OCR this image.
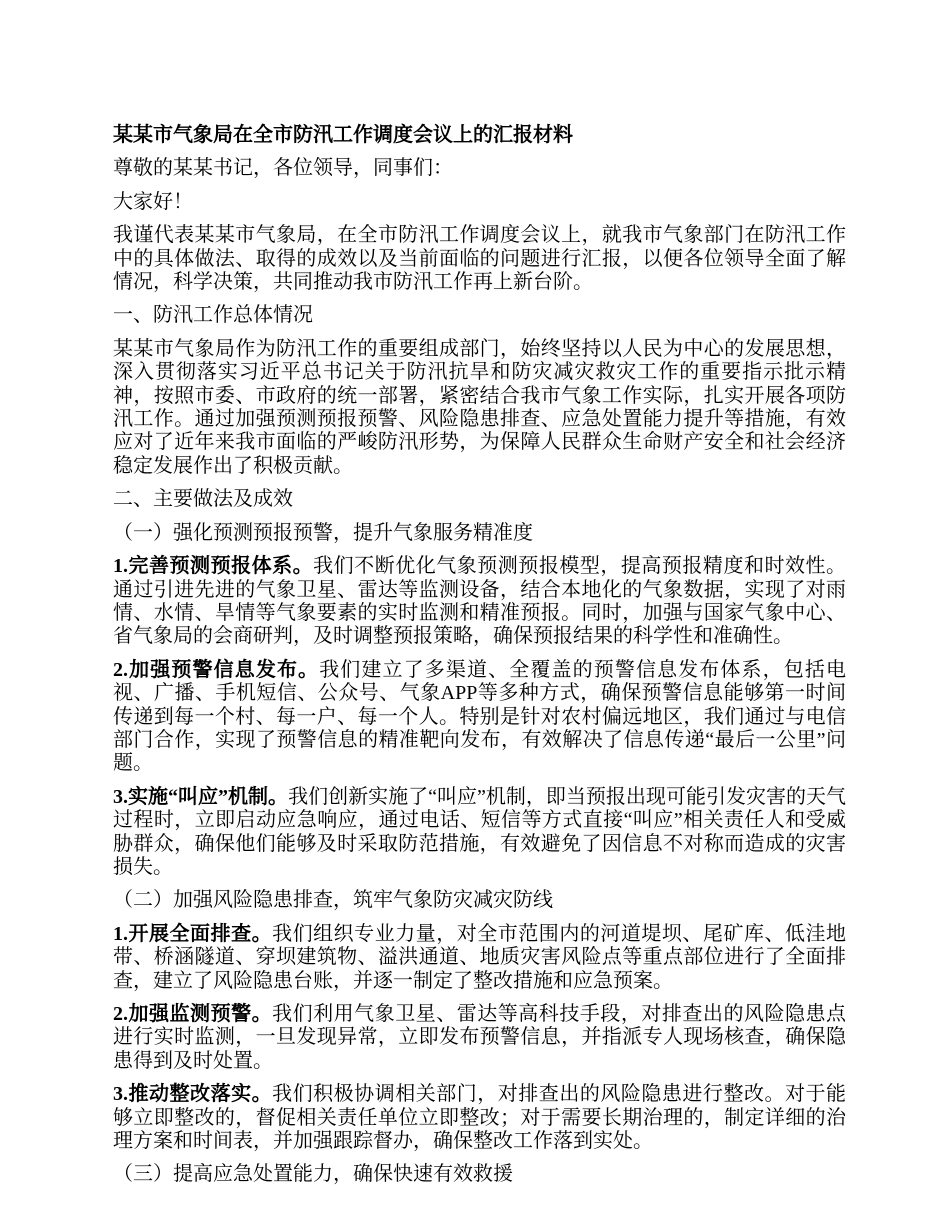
某某市气象局在全市防汛工作调度会议上的汇报材料

尊敬的某某书记，各位领导，同事们：

大家好！

我谨代表某某市气象局，在全市防汛工作调度会议上，就我市气象部门在防汛工作中的具体做法、取得的成效以及当前面临的问题进行汇报，以便各位领导全面了解情况，科学决策，共同推动我市防汛工作再上新台阶。

一、防汛工作总体情况

某某市气象局作为防汛工作的重要组成部门，始终坚持以人民为中心的发展思想，深入贯彻落实习近平总书记关于防汛抗旱和防灾减灾救灾工作的重要指示批示精神，按照市委、市政府的统一部署，紧密结合我市气象工作实际，扎实开展各项防汛工作。通过加强预测预报预警、风险隐患排查、应急处置能力提升等措施，有效应对了近年来我市面临的严峻防汛形势，为保障人民群众生命财产安全和社会经济稳定发展作出了积极贡献。

二、主要做法及成效

（一）强化预测预报预警，提升气象服务精准度

1.完善预测预报体系。我们不断优化气象预测预报模型，提高预报精度和时效性。通过引进先进的气象卫星、雷达等监测设备，结合本地化的气象数据，实现了对雨情、水情、旱情等气象要素的实时监测和精准预报。同时，加强与国家气象中心、省气象局的会商研判，及时调整预报策略，确保预报结果的科学性和准确性。

2.加强预警信息发布。我们建立了多渠道、全覆盖的预警信息发布体系，包括电视、广播、手机短信、公众号、气象APP等多种方式，确保预警信息能够第一时间传递到每一个村、每一户、每一个人。特别是针对农村偏远地区，我们通过与电信部门合作，实现了预警信息的精准靶向发布，有效解决了信息传递“最后一公里”问题。

3.实施“叫应”机制。我们创新实施了“叫应”机制，即当预报出现可能引发灾害的天气过程时，立即启动应急响应，通过电话、短信等方式直接“叫应”相关责任人和受威胁群众，确保他们能够及时采取防范措施，有效避免了因信息不对称而造成的灾害损失。

（二）加强风险隐患排查，筑牢气象防灾减灾防线

1.开展全面排查。我们组织专业力量，对全市范围内的河道堤坝、尾矿库、低洼地带、桥涵隧道、穿坝建筑物、溢洪通道、地质灾害风险点等重点部位进行了全面排查，建立了风险隐患台账，并逐一制定了整改措施和应急预案。

2.加强监测预警。我们利用气象卫星、雷达等高科技手段，对排查出的风险隐患点进行实时监测，一旦发现异常，立即发布预警信息，并指派专人现场核查，确保隐患得到及时处置。

3.推动整改落实。我们积极协调相关部门，对排查出的风险隐患进行整改。对于能够立即整改的，督促相关责任单位立即整改；对于需要长期治理的，制定详细的治理方案和时间表，并加强跟踪督办，确保整改工作落到实处。

（三）提高应急处置能力，确保快速有效救援
